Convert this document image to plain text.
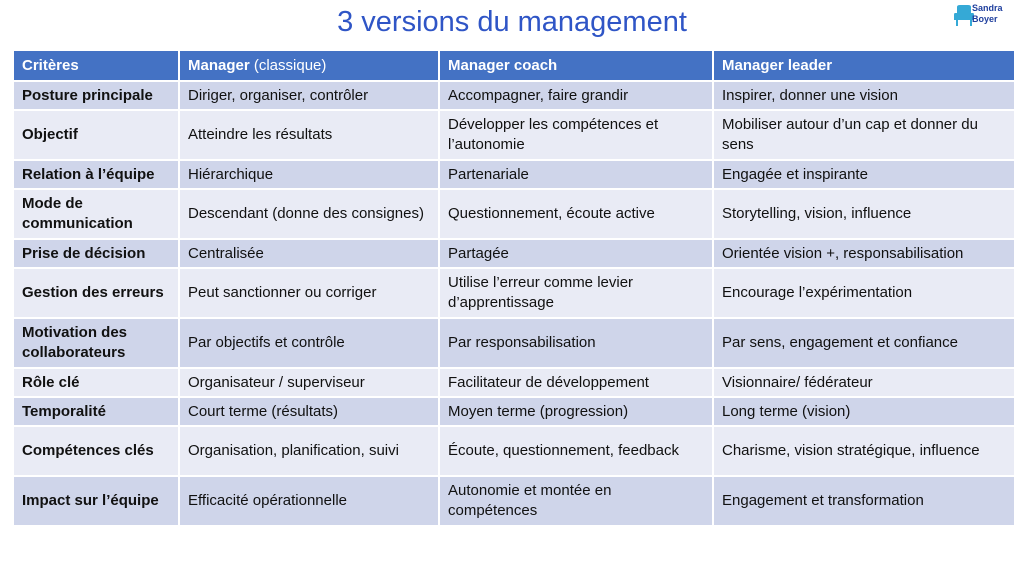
3 versions du management	Sandra
Boyer
Critères	Manager (classique)	Manager coach	Manager leader
Posture principale	Diriger, organiser, contrôler	Accompagner, faire grandir	Inspirer, donner une vision
Objectif	Atteindre les résultats	Développer les compétences et l’autonomie	Mobiliser autour d’un cap et donner du sens
Relation à l’équipe	Hiérarchique	Partenariale	Engagée et inspirante
Mode de communication	Descendant (donne des consignes)	Questionnement, écoute active	Storytelling, vision, influence
Prise de décision	Centralisée	Partagée	Orientée vision +, responsabilisation
Gestion des erreurs	Peut sanctionner ou corriger	Utilise l’erreur comme levier d’apprentissage	Encourage l’expérimentation
Motivation des collaborateurs	Par objectifs et contrôle	Par responsabilisation	Par sens, engagement et confiance
Rôle clé	Organisateur / superviseur	Facilitateur de développement	Visionnaire/ fédérateur
Temporalité	Court terme (résultats)	Moyen terme (progression)	Long terme (vision)
Compétences clés	Organisation, planification, suivi	Écoute, questionnement, feedback	Charisme, vision stratégique, influence
Impact sur l’équipe	Efficacité opérationnelle	Autonomie et montée en compétences	Engagement et transformation
